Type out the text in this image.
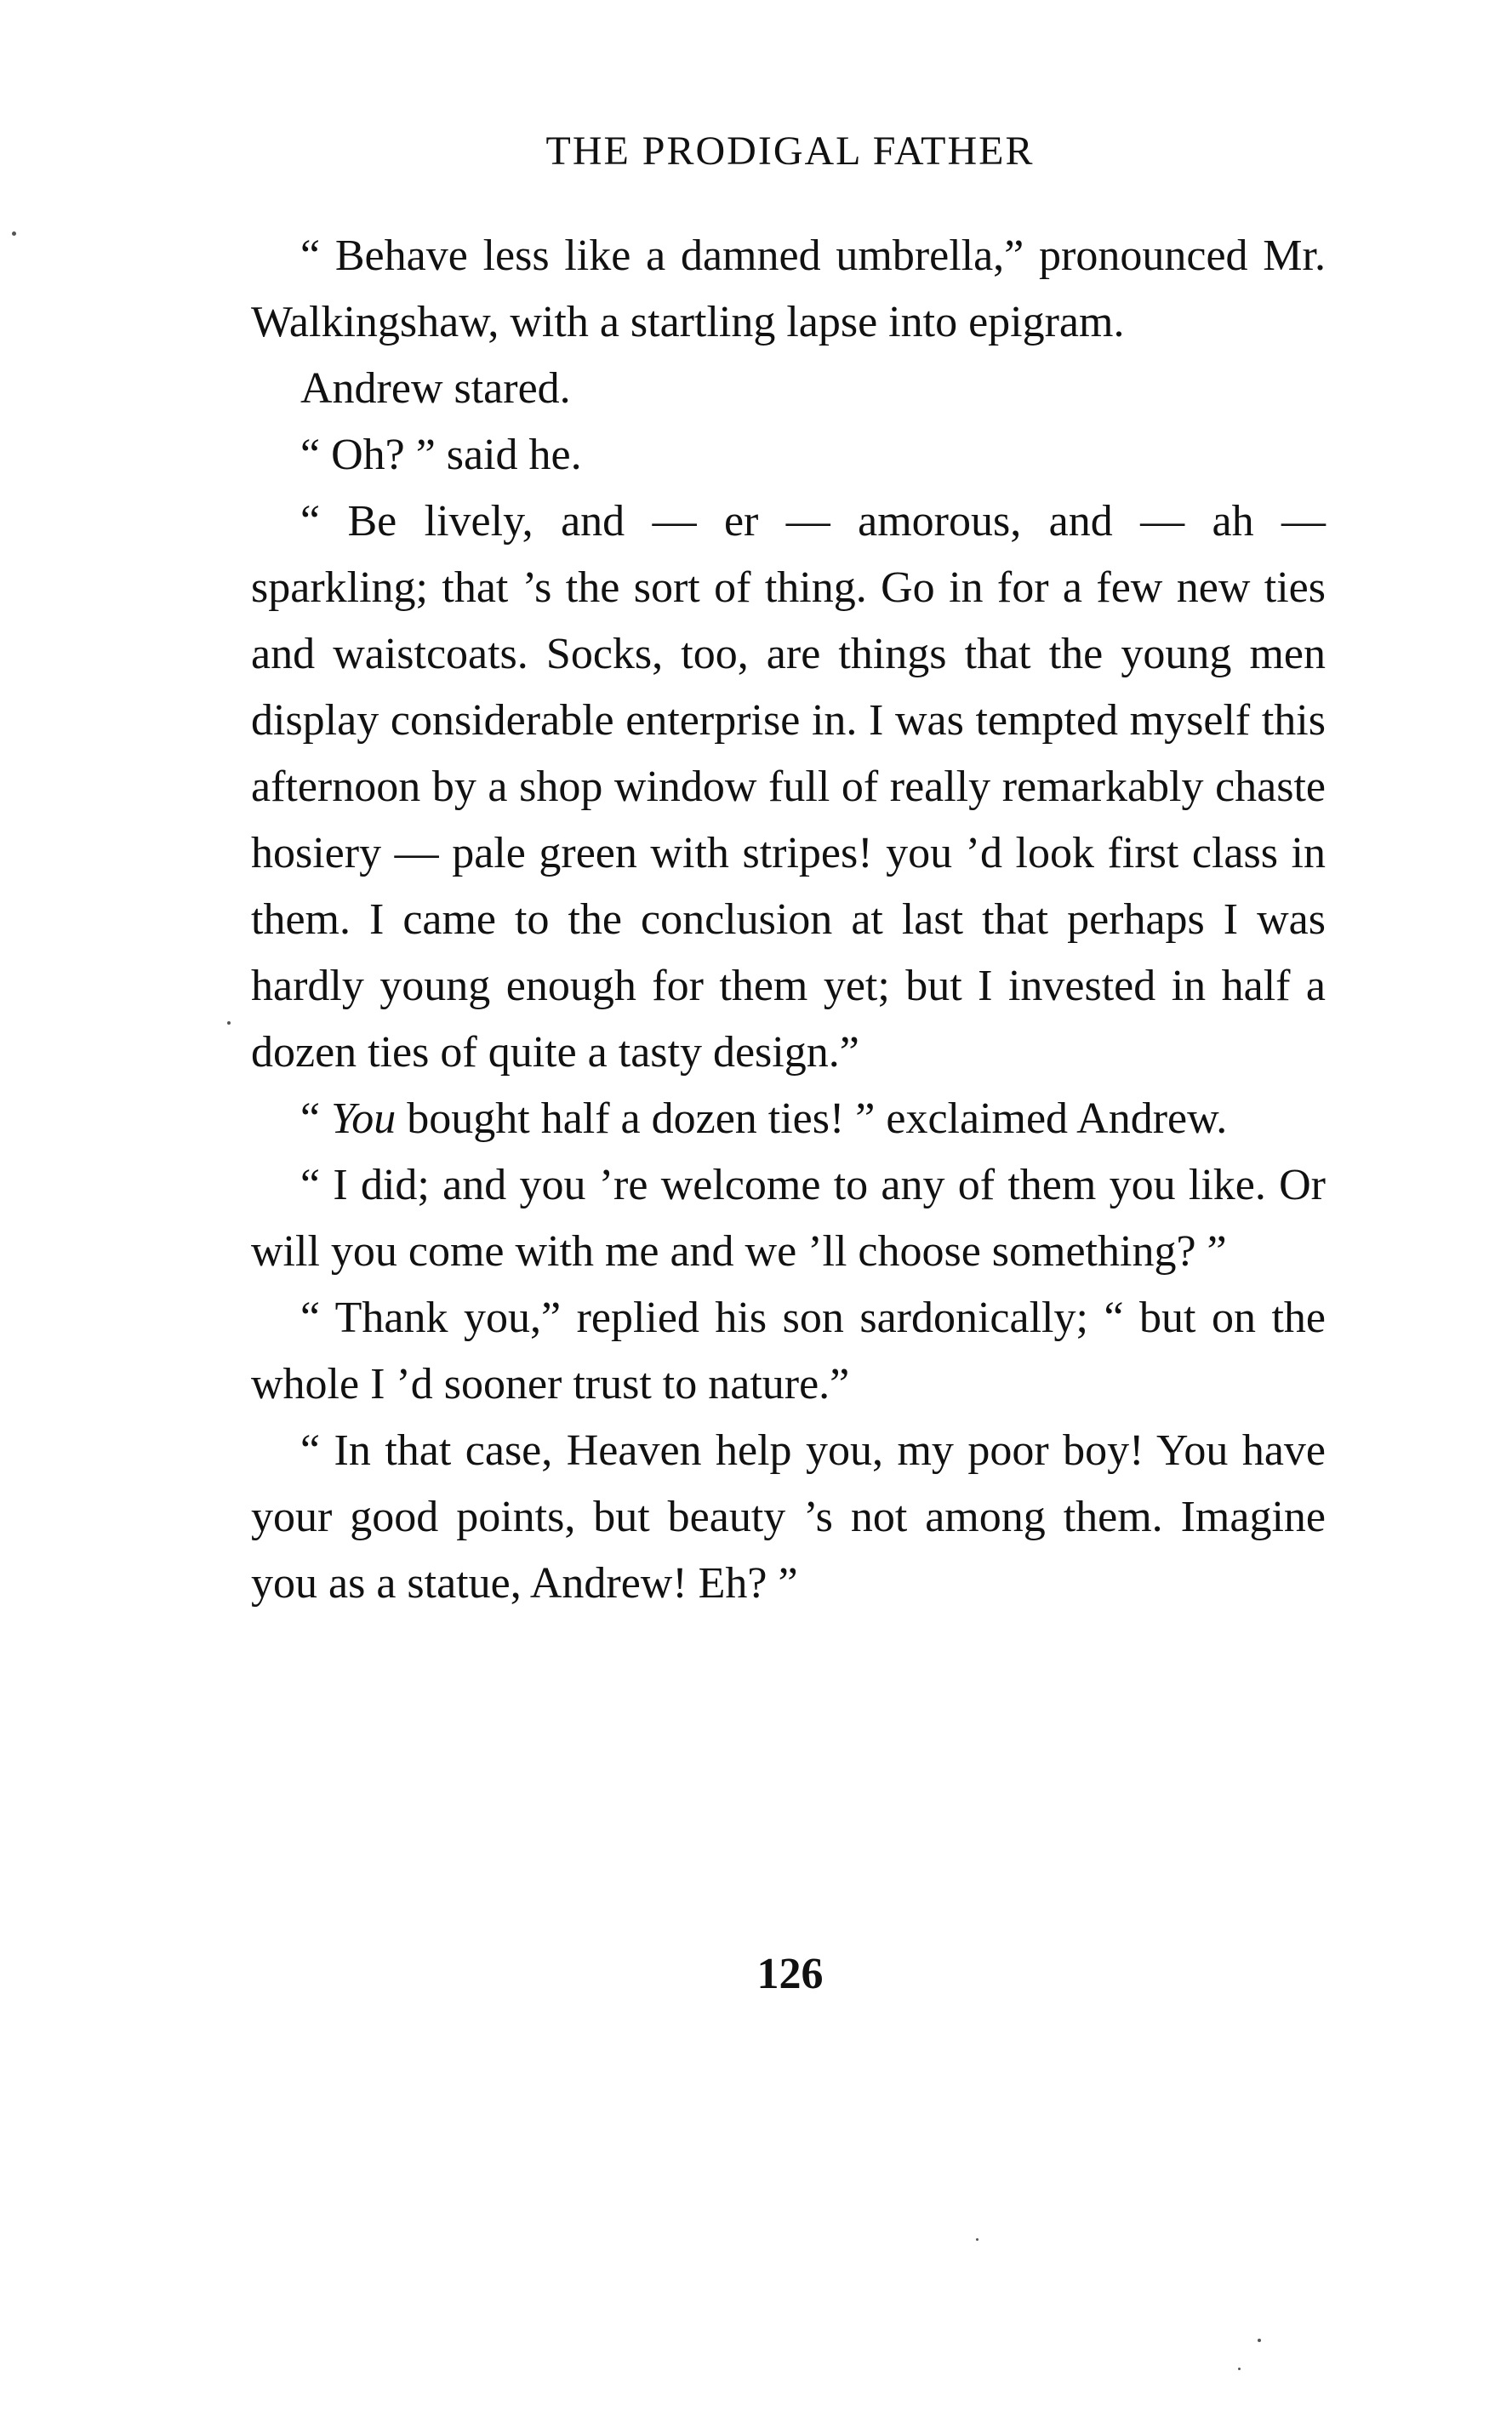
THE PRODIGAL FATHER

“ Behave less like a damned umbrella,” pronounced Mr. Walkingshaw, with a startling lapse into epigram.

Andrew stared.

“ Oh? ” said he.

“ Be lively, and — er — amorous, and — ah — sparkling; that ’s the sort of thing. Go in for a few new ties and waistcoats. Socks, too, are things that the young men display considerable enterprise in. I was tempted myself this afternoon by a shop window full of really remarkably chaste hosiery — pale green with stripes! you ’d look first class in them. I came to the conclusion at last that perhaps I was hardly young enough for them yet; but I invested in half a dozen ties of quite a tasty design.”

“ You bought half a dozen ties! ” exclaimed Andrew.

“ I did; and you ’re welcome to any of them you like. Or will you come with me and we ’ll choose something? ”

“ Thank you,” replied his son sardonically; “ but on the whole I ’d sooner trust to nature.”

“ In that case, Heaven help you, my poor boy! You have your good points, but beauty ’s not among them. Imagine you as a statue, Andrew! Eh? ”

126
